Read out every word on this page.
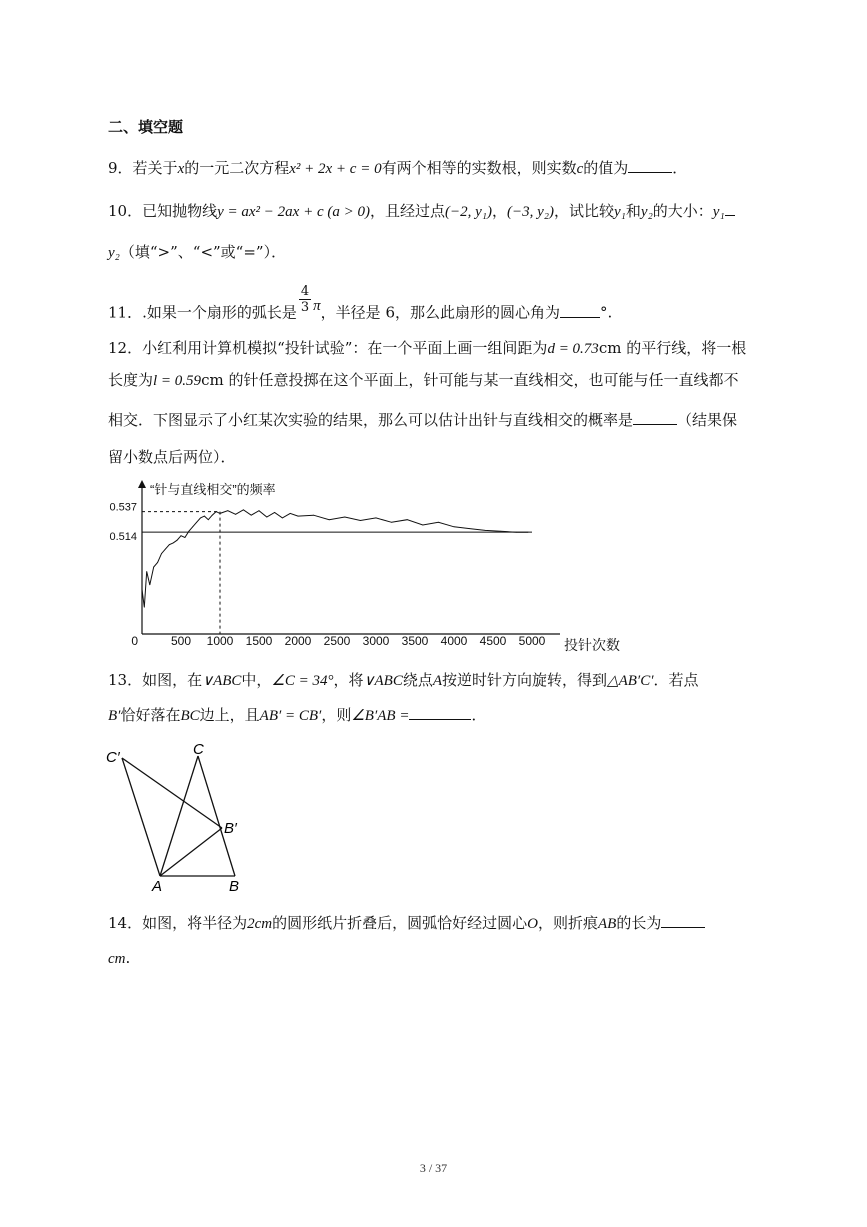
二、填空题
9．若关于x的一元二次方程x² + 2x + c = 0有两个相等的实数根，则实数c的值为	．
10．已知抛物线y = ax² − 2ax + c (a > 0)，且经过点(−2, y₁)，(−3, y₂)，试比较y₁和y₂的大小：y₁
y₂（填“>”、“<”或“=”）．
11．.如果一个扇形的弧长是 $\frac{4}{3}$ π，半径是 6，那么此扇形的圆心角为	°.
12．小红利用计算机模拟“投针试验”：在一个平面上画一组间距为d = 0.73cm 的平行线，将一根
长度为l = 0.59cm 的针任意投掷在这个平面上，针可能与某一直线相交，也可能与任一直线都不
相交．下图显示了小红某次实验的结果，那么可以估计出针与直线相交的概率是	（结果保
留小数点后两位）．
“针与直线相交”的频率
0.537
0.514
0	500 1000 1500 2000 2500 3000 3500 4000 4500 5000 投针次数
13．如图，在∨ABC中，∠C = 34°，将∨ABC绕点A按逆时针方向旋转，得到△AB′C′．若点
B′恰好落在BC边上，且AB′ = CB′，则∠B′AB =	．
C′	C
B′
A	B
14．如图，将半径为2cm的圆形纸片折叠后，圆弧恰好经过圆心O，则折痕AB的长为
cm.
3 / 37
